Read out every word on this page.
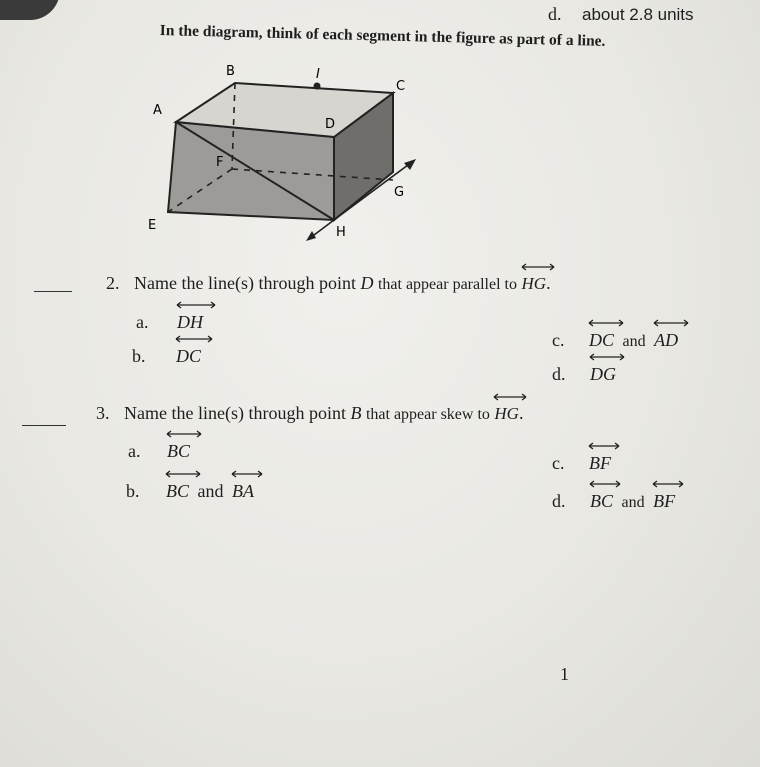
d. about 2.8 units
In the diagram, think of each segment in the figure as part of a line.
B	I
C
A
D
F
G
E	H
2. Name the line(s) through point D that appear parallel to HG.
a. DH
b. DC
c. DC and AD
d. DG
3. Name the line(s) through point B that appear skew to HG.
a. BC
b. BC and BA
c. BF
d. BC and BF
1
